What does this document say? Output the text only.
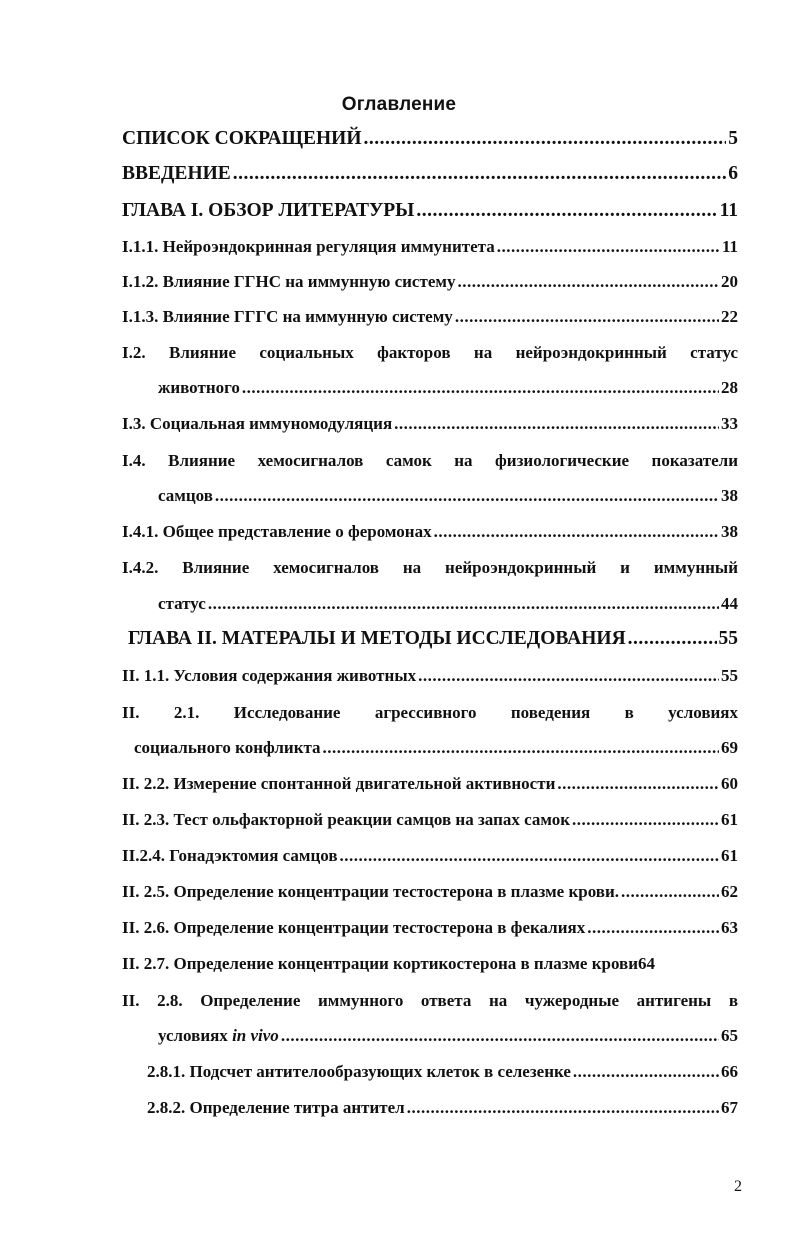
Оглавление
СПИСОК СОКРАЩЕНИЙ .....	5
ВВЕДЕНИЕ .....	6
ГЛАВА I. ОБЗОР ЛИТЕРАТУРЫ .....	11
I.1.1. Нейроэндокринная регуляция иммунитета .....	11
I.1.2. Влияние ГГНС на иммунную систему .....	20
I.1.3. Влияние ГГГС на иммунную систему .....	22
I.2. Влияние социальных факторов на нейроэндокринный статус
животного .....	28
I.3. Социальная иммуномодуляция .....	33
I.4. Влияние хемосигналов самок на физиологические показатели
самцов .....	38
I.4.1. Общее представление о феромонах .....	38
I.4.2. Влияние хемосигналов на нейроэндокринный и иммунный
статус .....	44
ГЛАВА II. МАТЕРАЛЫ И МЕТОДЫ ИССЛЕДОВАНИЯ .....	55
II. 1.1. Условия содержания животных .....	55
II. 2.1. Исследование агрессивного поведения в условиях
социального конфликта .....	69
II. 2.2. Измерение спонтанной двигательной активности .....	60
II. 2.3. Тест ольфакторной реакции самцов на запах самок .....	61
II.2.4. Гонадэктомия самцов .....	61
II. 2.5. Определение концентрации тестостерона в плазме крови. .....	62
II. 2.6. Определение концентрации тестостерона в фекалиях .....	63
II. 2.7. Определение концентрации кортикостерона в плазме крови 64
II. 2.8. Определение иммунного ответа на чужеродные антигены в
условиях in vivo .....	65
2.8.1. Подсчет антителообразующих клеток в селезенке .....	66
2.8.2. Определение титра антител .....	67
2
